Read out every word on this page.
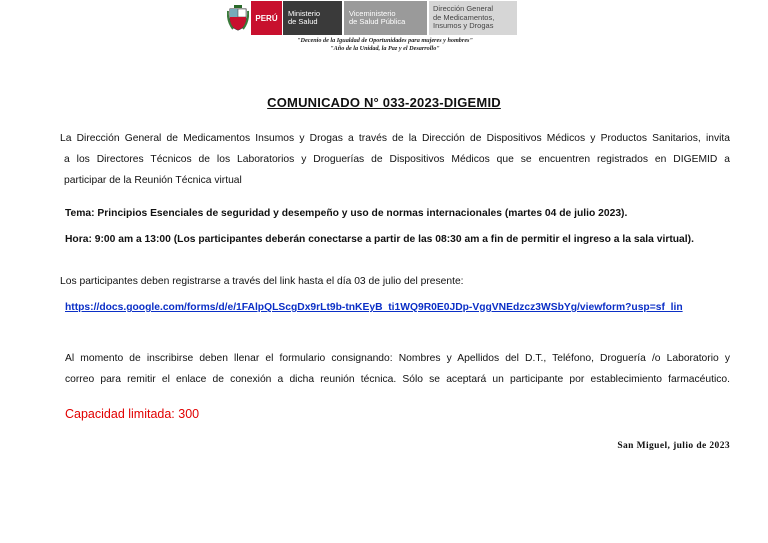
PERÚ
Ministerio
de Salud
Viceministerio
de Salud Pública
Dirección General
de Medicamentos,
Insumos y Drogas
"Decenio de la Igualdad de Oportunidades para mujeres y hombres"
"Año de la Unidad, la Paz y el Desarrollo"
COMUNICADO N° 033-2023-DIGEMID
La Dirección General de Medicamentos Insumos y Drogas a través de la Dirección de Dispositivos Médicos y Productos Sanitarios, invita
a los Directores Técnicos de los Laboratorios y Droguerías de Dispositivos Médicos que se encuentren registrados en DIGEMID a
participar de la Reunión Técnica virtual
Tema: Principios Esenciales de seguridad y desempeño y uso de normas internacionales (martes 04 de julio 2023).
Hora: 9:00 am a 13:00 (Los participantes deberán conectarse a partir de las 08:30 am a fin de permitir el ingreso a la sala virtual).
Los participantes deben registrarse a través del link hasta el día 03 de julio del presente:
https://docs.google.com/forms/d/e/1FAlpQLScgDx9rLt9b-tnKEyB_ti1WQ9R0E0JDp-VggVNEdzcz3WSbYg/viewform?usp=sf_lin
Al momento de inscribirse deben llenar el formulario consignando: Nombres y Apellidos del D.T., Teléfono, Droguería /o Laboratorio y
correo para remitir el enlace de conexión a dicha reunión técnica. Sólo se aceptará un participante por establecimiento farmacéutico.
Capacidad limitada: 300
San Miguel, julio de 2023
